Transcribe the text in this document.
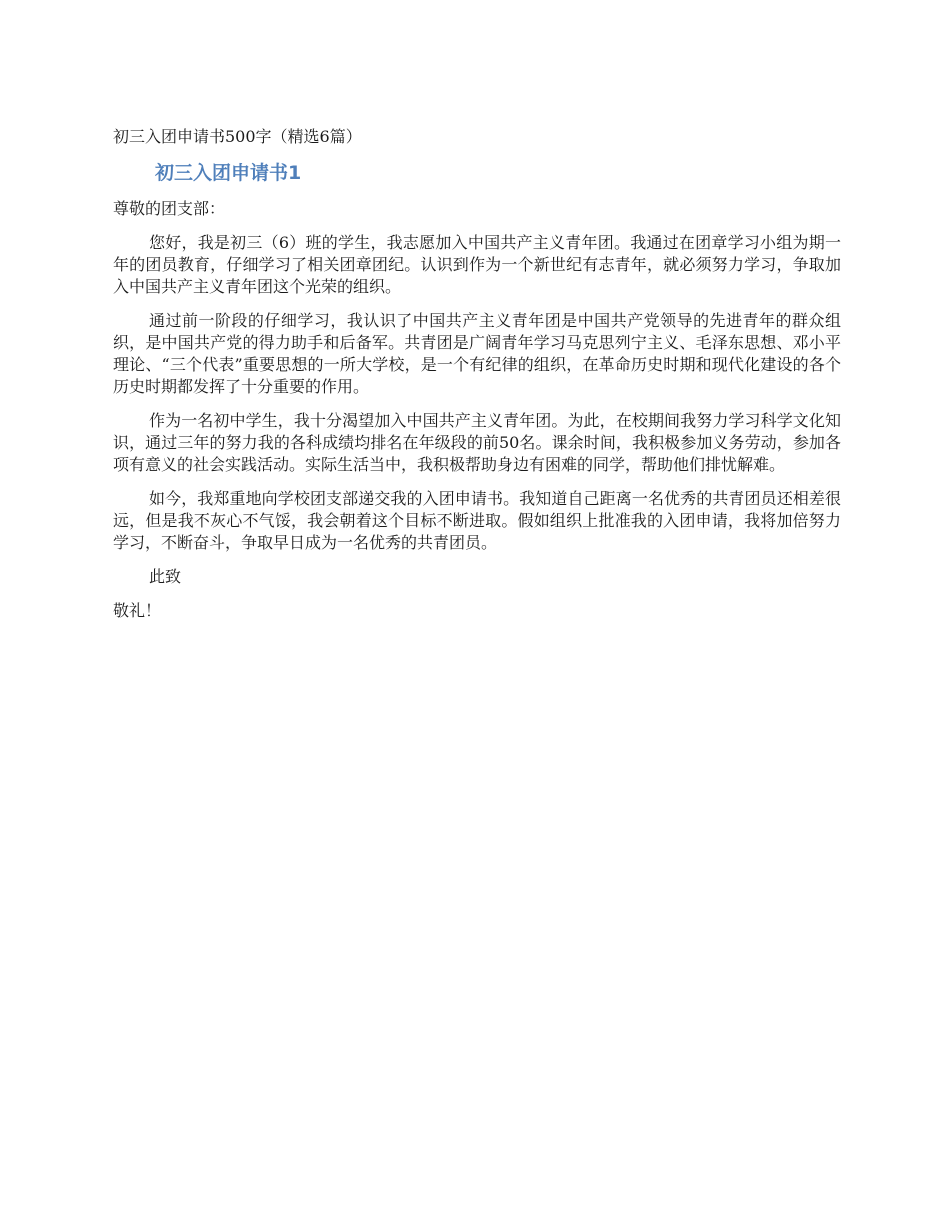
初三入团申请书500字（精选6篇）

初三入团申请书1

尊敬的团支部：

您好，我是初三（6）班的学生，我志愿加入中国共产主义青年团。我通过在团章学习小组为期一年的团员教育，仔细学习了相关团章团纪。认识到作为一个新世纪有志青年，就必须努力学习，争取加入中国共产主义青年团这个光荣的组织。

通过前一阶段的仔细学习，我认识了中国共产主义青年团是中国共产党领导的先进青年的群众组织，是中国共产党的得力助手和后备军。共青团是广阔青年学习马克思列宁主义、毛泽东思想、邓小平理论、“三个代表”重要思想的一所大学校，是一个有纪律的组织，在革命历史时期和现代化建设的各个历史时期都发挥了十分重要的作用。

作为一名初中学生，我十分渴望加入中国共产主义青年团。为此，在校期间我努力学习科学文化知识，通过三年的努力我的各科成绩均排名在年级段的前50名。课余时间，我积极参加义务劳动，参加各项有意义的社会实践活动。实际生活当中，我积极帮助身边有困难的同学，帮助他们排忧解难。

如今，我郑重地向学校团支部递交我的入团申请书。我知道自己距离一名优秀的共青团员还相差很远，但是我不灰心不气馁，我会朝着这个目标不断进取。假如组织上批准我的入团申请，我将加倍努力学习，不断奋斗，争取早日成为一名优秀的共青团员。

此致

敬礼！
